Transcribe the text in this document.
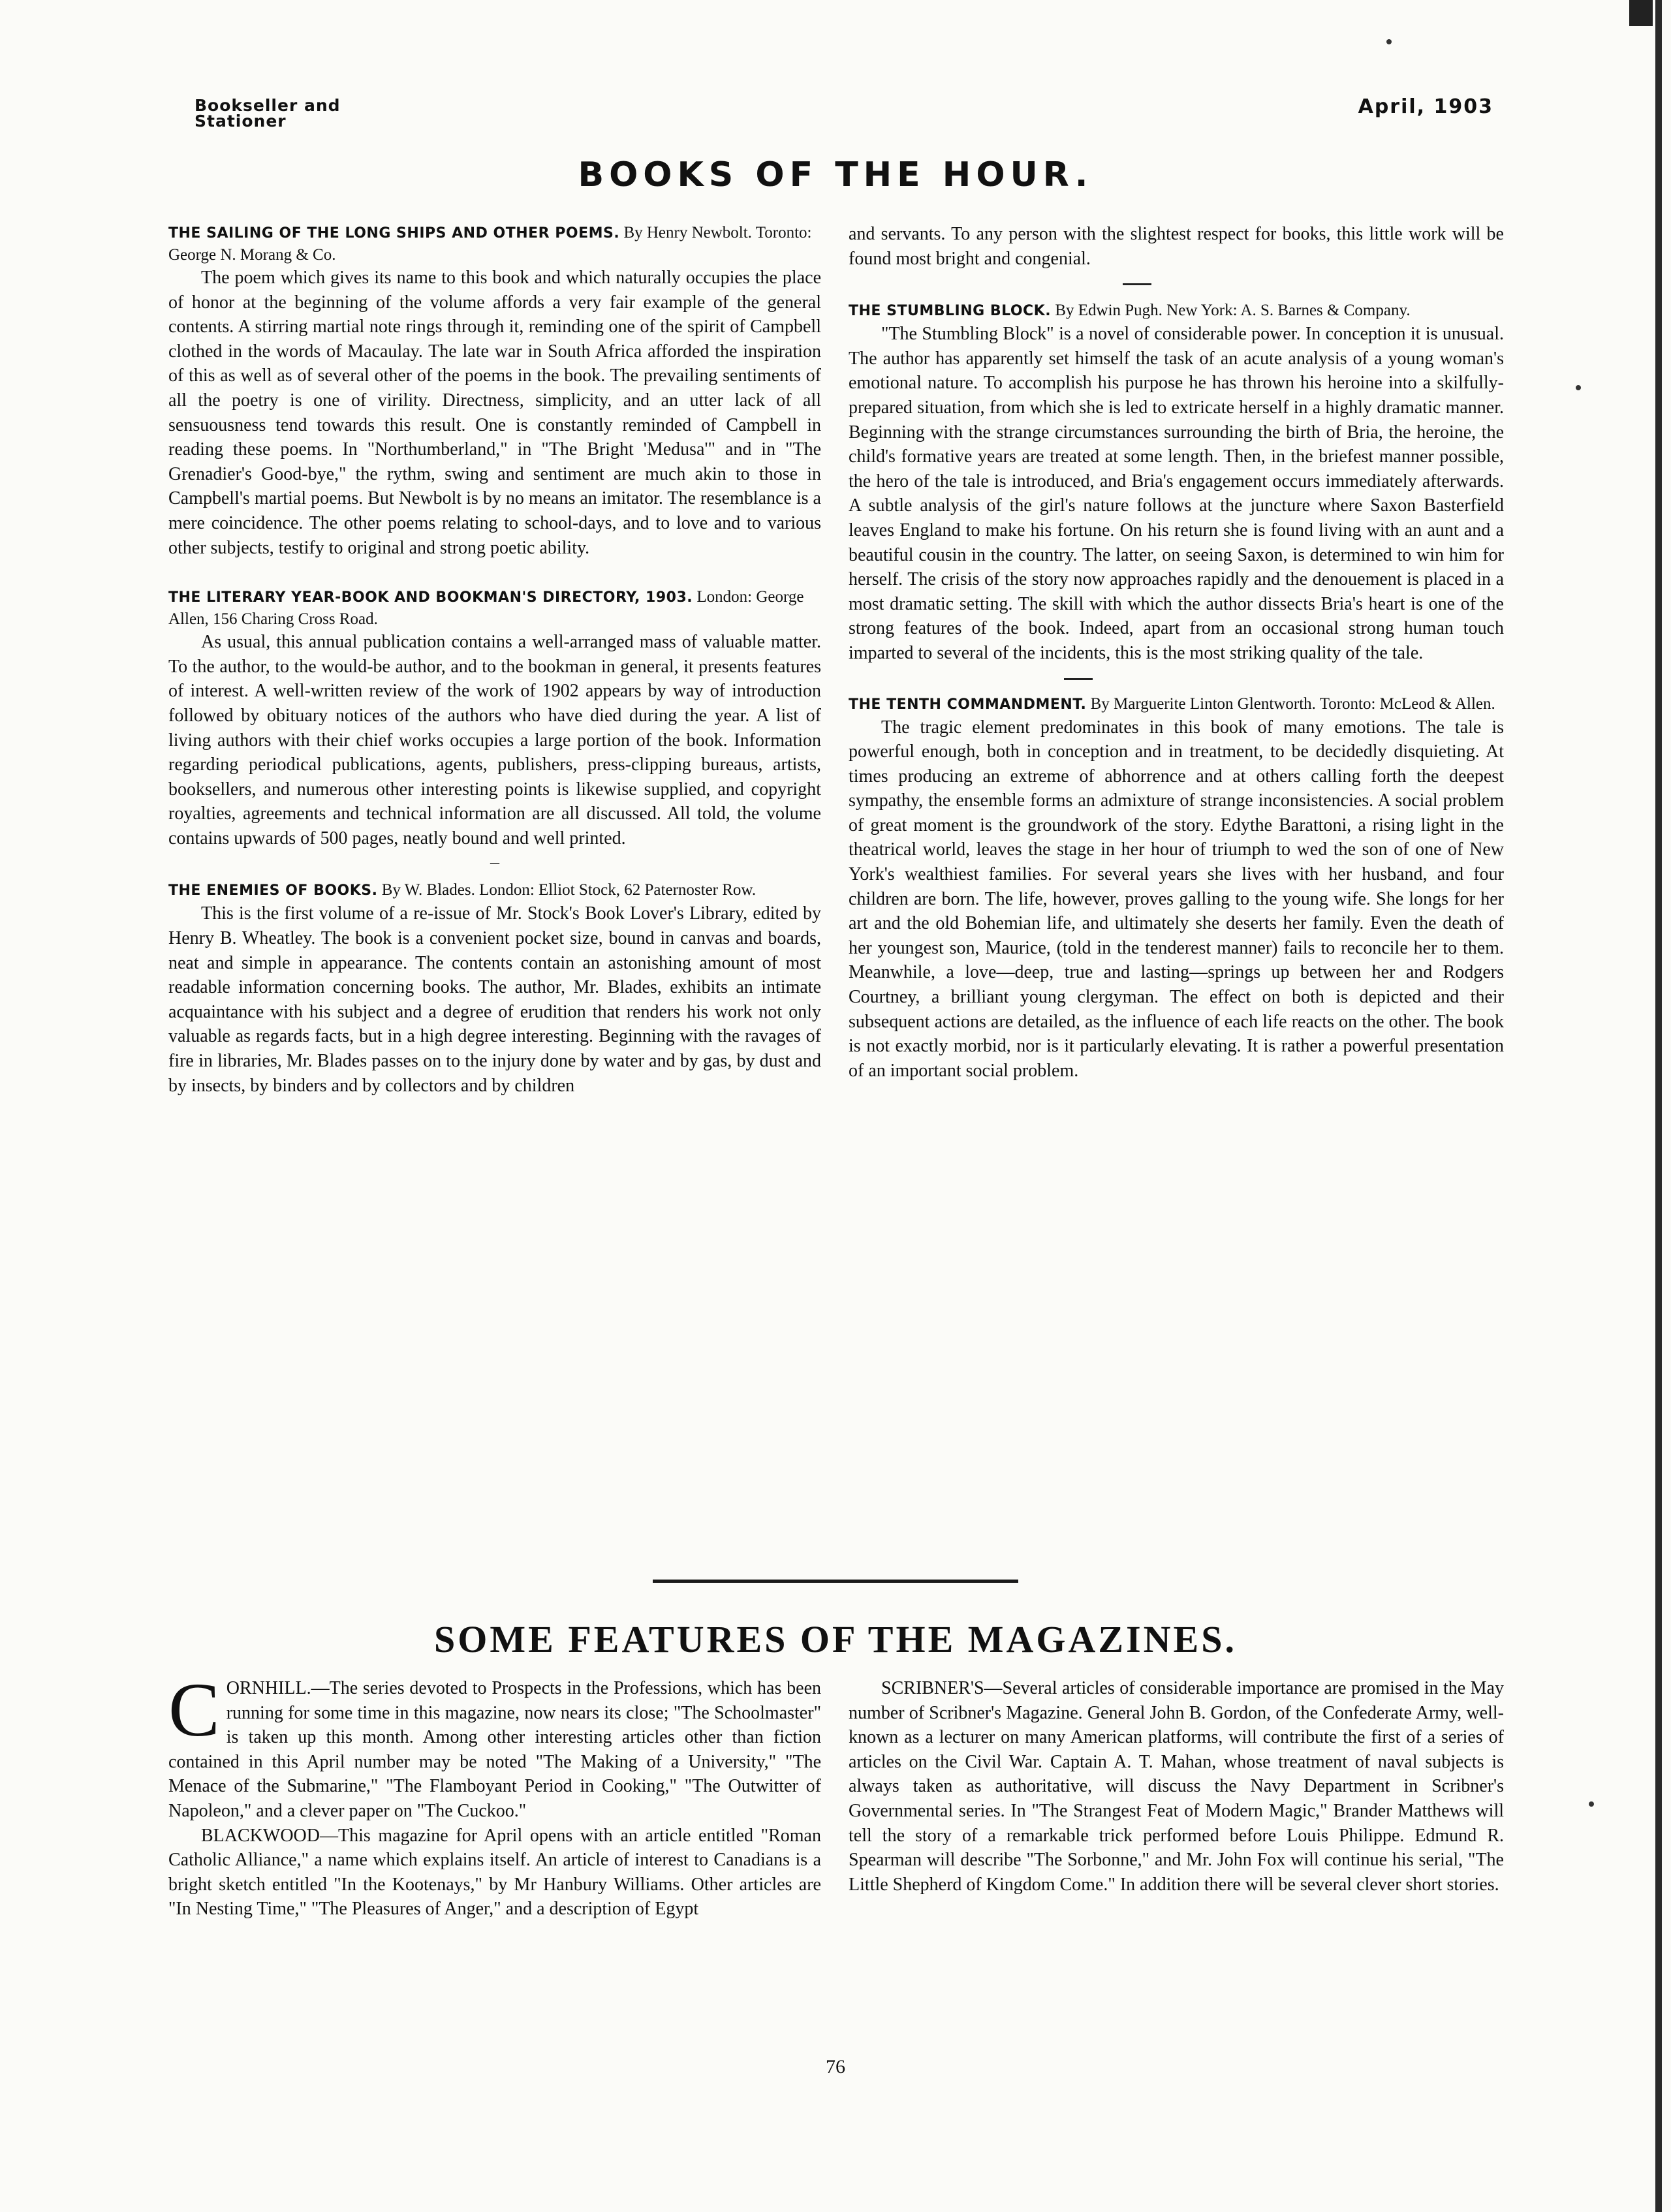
Bookseller and
Stationer
April, 1903
BOOKS OF THE HOUR.
THE SAILING OF THE LONG SHIPS AND OTHER POEMS. By Henry Newbolt. Toronto: George N. Morang & Co.

The poem which gives its name to this book and which naturally occupies the place of honor at the beginning of the volume affords a very fair example of the general contents. A stirring martial note rings through it, reminding one of the spirit of Campbell clothed in the words of Macaulay. The late war in South Africa afforded the inspiration of this as well as of several other of the poems in the book. The prevailing sentiments of all the poetry is one of virility. Directness, simplicity, and an utter lack of all sensuousness tend towards this result. One is constantly reminded of Campbell in reading these poems. In "Northumberland," in "The Bright 'Medusa'" and in "The Grenadier's Good-bye," the rythm, swing and sentiment are much akin to those in Campbell's martial poems. But Newbolt is by no means an imitator. The resemblance is a mere coincidence. The other poems relating to school-days, and to love and to various other subjects, testify to original and strong poetic ability.

THE LITERARY YEAR-BOOK AND BOOKMAN'S DIRECTORY, 1903. London: George Allen, 156 Charing Cross Road.

As usual, this annual publication contains a well-arranged mass of valuable matter. To the author, to the would-be author, and to the bookman in general, it presents features of interest. A well-written review of the work of 1902 appears by way of introduction followed by obituary notices of the authors who have died during the year. A list of living authors with their chief works occupies a large portion of the book. Information regarding periodical publications, agents, publishers, press-clipping bureaus, artists, booksellers, and numerous other interesting points is likewise supplied, and copyright royalties, agreements and technical information are all discussed. All told, the volume contains upwards of 500 pages, neatly bound and well printed.

–
THE ENEMIES OF BOOKS. By W. Blades. London: Elliot Stock, 62 Paternoster Row.

This is the first volume of a re-issue of Mr. Stock's Book Lover's Library, edited by Henry B. Wheatley. The book is a convenient pocket size, bound in canvas and boards, neat and simple in appearance. The contents contain an astonishing amount of most readable information concerning books. The author, Mr. Blades, exhibits an intimate acquaintance with his subject and a degree of erudition that renders his work not only valuable as regards facts, but in a high degree interesting. Beginning with the ravages of fire in libraries, Mr. Blades passes on to the injury done by water and by gas, by dust and by insects, by binders and by collectors and by children

and servants. To any person with the slightest respect for books, this little work will be found most bright and congenial.

THE STUMBLING BLOCK. By Edwin Pugh. New York: A. S. Barnes & Company.

"The Stumbling Block" is a novel of considerable power. In conception it is unusual. The author has apparently set himself the task of an acute analysis of a young woman's emotional nature. To accomplish his purpose he has thrown his heroine into a skilfully-prepared situation, from which she is led to extricate herself in a highly dramatic manner. Beginning with the strange circumstances surrounding the birth of Bria, the heroine, the child's formative years are treated at some length. Then, in the briefest manner possible, the hero of the tale is introduced, and Bria's engagement occurs immediately afterwards. A subtle analysis of the girl's nature follows at the juncture where Saxon Basterfield leaves England to make his fortune. On his return she is found living with an aunt and a beautiful cousin in the country. The latter, on seeing Saxon, is determined to win him for herself. The crisis of the story now approaches rapidly and the denouement is placed in a most dramatic setting. The skill with which the author dissects Bria's heart is one of the strong features of the book. Indeed, apart from an occasional strong human touch imparted to several of the incidents, this is the most striking quality of the tale.

THE TENTH COMMANDMENT. By Marguerite Linton Glentworth. Toronto: McLeod & Allen.

The tragic element predominates in this book of many emotions. The tale is powerful enough, both in conception and in treatment, to be decidedly disquieting. At times producing an extreme of abhorrence and at others calling forth the deepest sympathy, the ensemble forms an admixture of strange inconsistencies. A social problem of great moment is the groundwork of the story. Edythe Barattoni, a rising light in the theatrical world, leaves the stage in her hour of triumph to wed the son of one of New York's wealthiest families. For several years she lives with her husband, and four children are born. The life, however, proves galling to the young wife. She longs for her art and the old Bohemian life, and ultimately she deserts her family. Even the death of her youngest son, Maurice, (told in the tenderest manner) fails to reconcile her to them. Meanwhile, a love—deep, true and lasting—springs up between her and Rodgers Courtney, a brilliant young clergyman. The effect on both is depicted and their subsequent actions are detailed, as the influence of each life reacts on the other. The book is not exactly morbid, nor is it particularly elevating. It is rather a powerful presentation of an important social problem.

SOME FEATURES OF THE MAGAZINES.

CORNHILL.—The series devoted to Prospects in the Professions, which has been running for some time in this magazine, now nears its close; "The Schoolmaster" is taken up this month. Among other interesting articles other than fiction contained in this April number may be noted "The Making of a University," "The Menace of the Submarine," "The Flamboyant Period in Cooking," "The Outwitter of Napoleon," and a clever paper on "The Cuckoo."

BLACKWOOD—This magazine for April opens with an article entitled "Roman Catholic Alliance," a name which explains itself. An article of interest to Canadians is a bright sketch entitled "In the Kootenays," by Mr Hanbury Williams. Other articles are "In Nesting Time," "The Pleasures of Anger," and a description of Egypt

SCRIBNER'S—Several articles of considerable importance are promised in the May number of Scribner's Magazine. General John B. Gordon, of the Confederate Army, well-known as a lecturer on many American platforms, will contribute the first of a series of articles on the Civil War. Captain A. T. Mahan, whose treatment of naval subjects is always taken as authoritative, will discuss the Navy Department in Scribner's Governmental series. In "The Strangest Feat of Modern Magic," Brander Matthews will tell the story of a remarkable trick performed before Louis Philippe. Edmund R. Spearman will describe "The Sorbonne," and Mr. John Fox will continue his serial, "The Little Shepherd of Kingdom Come." In addition there will be several clever short stories.

76
